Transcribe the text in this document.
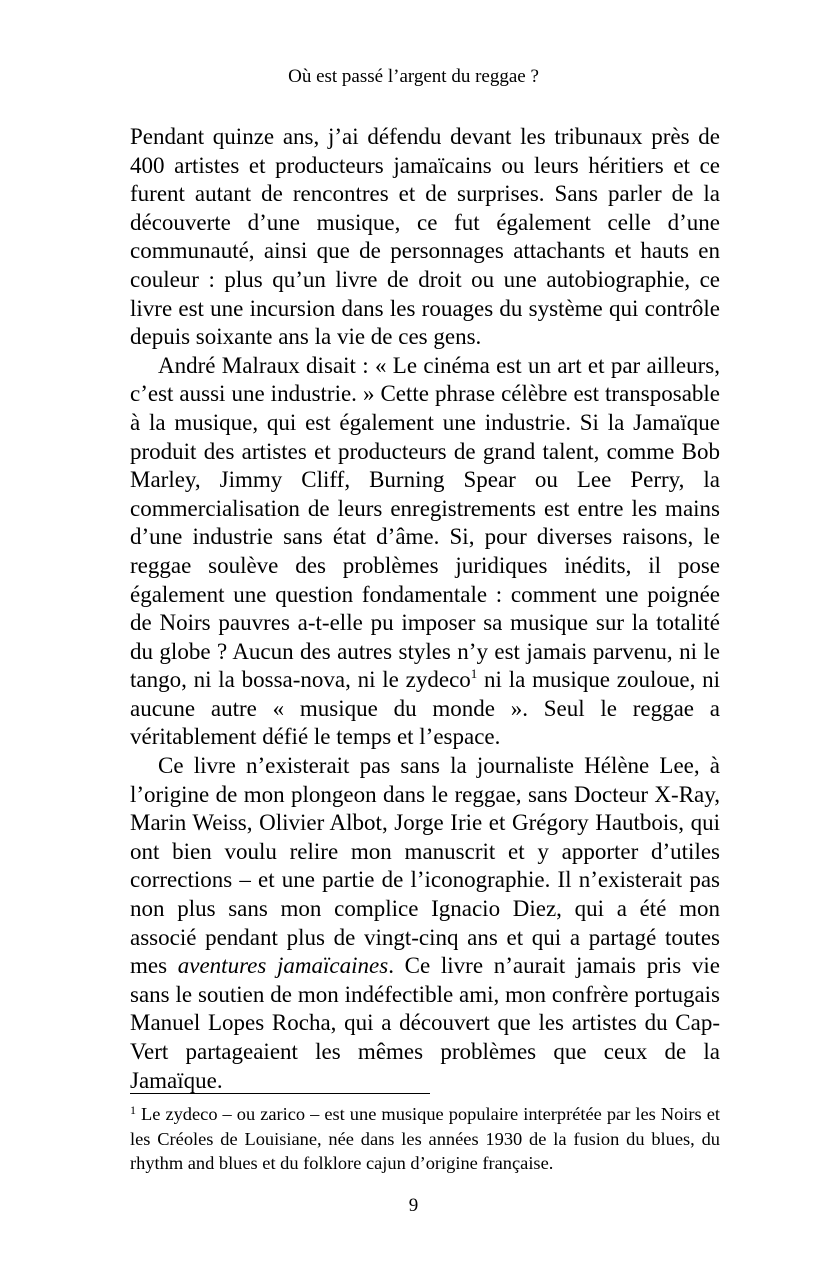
Où est passé l’argent du reggae ?

Pendant quinze ans, j’ai défendu devant les tribunaux près de 400 artistes et producteurs jamaïcains ou leurs héritiers et ce furent autant de rencontres et de surprises. Sans parler de la découverte d’une musique, ce fut également celle d’une communauté, ainsi que de personnages attachants et hauts en couleur : plus qu’un livre de droit ou une autobiographie, ce livre est une incursion dans les rouages du système qui contrôle depuis soixante ans la vie de ces gens.

André Malraux disait : « Le cinéma est un art et par ailleurs, c’est aussi une industrie. » Cette phrase célèbre est transposable à la musique, qui est également une industrie. Si la Jamaïque produit des artistes et producteurs de grand talent, comme Bob Marley, Jimmy Cliff, Burning Spear ou Lee Perry, la commercialisation de leurs enregistrements est entre les mains d’une industrie sans état d’âme. Si, pour diverses raisons, le reggae soulève des problèmes juridiques inédits, il pose également une question fondamentale : comment une poignée de Noirs pauvres a-t-elle pu imposer sa musique sur la totalité du globe ? Aucun des autres styles n’y est jamais parvenu, ni le tango, ni la bossa-nova, ni le zydeco$^1$ ni la musique zouloue, ni aucune autre « musique du monde ». Seul le reggae a véritablement défié le temps et l’espace.

Ce livre n’existerait pas sans la journaliste Hélène Lee, à l’origine de mon plongeon dans le reggae, sans Docteur X-Ray, Marin Weiss, Olivier Albot, Jorge Irie et Grégory Hautbois, qui ont bien voulu relire mon manuscrit et y apporter d’utiles corrections – et une partie de l’iconographie. Il n’existerait pas non plus sans mon complice Ignacio Diez, qui a été mon associé pendant plus de vingt-cinq ans et qui a partagé toutes mes aventures jamaïcaines. Ce livre n’aurait jamais pris vie sans le soutien de mon indéfectible ami, mon confrère portugais Manuel Lopes Rocha, qui a découvert que les artistes du Cap-Vert partageaient les mêmes problèmes que ceux de la Jamaïque.

$^1$ Le zydeco – ou zarico – est une musique populaire interprétée par les Noirs et les Créoles de Louisiane, née dans les années 1930 de la fusion du blues, du rhythm and blues et du folklore cajun d’origine française.

9
